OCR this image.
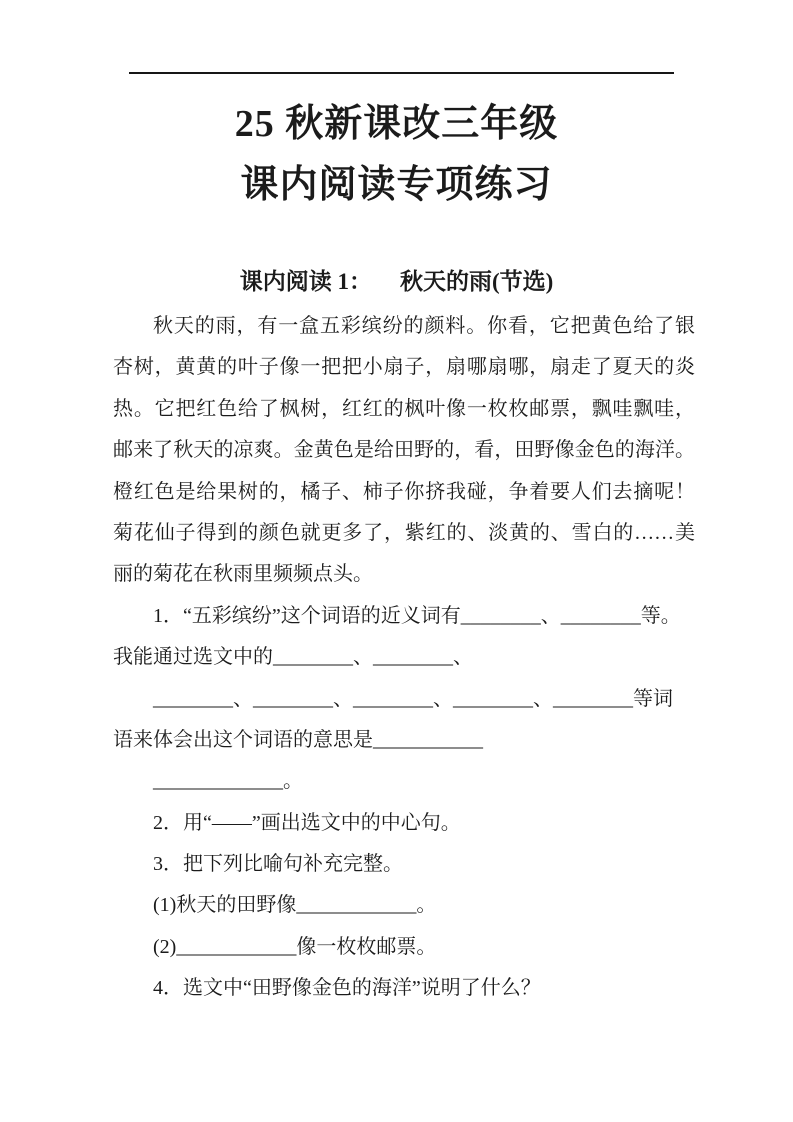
25 秋新课改三年级
课内阅读专项练习
课内阅读 1： 秋天的雨(节选)
秋天的雨，有一盒五彩缤纷的颜料。你看，它把黄色给了银
杏树，黄黄的叶子像一把把小扇子，扇哪扇哪，扇走了夏天的炎
热。它把红色给了枫树，红红的枫叶像一枚枚邮票，飘哇飘哇，
邮来了秋天的凉爽。金黄色是给田野的，看，田野像金色的海洋。
橙红色是给果树的，橘子、柿子你挤我碰，争着要人们去摘呢！
菊花仙子得到的颜色就更多了，紫红的、淡黄的、雪白的……美
丽的菊花在秋雨里频频点头。
1．“五彩缤纷”这个词语的近义词有________、________等。
我能通过选文中的________、________、
________、________、________、________、________等词
语来体会出这个词语的意思是___________
_____________。
2．用“——”画出选文中的中心句。
3．把下列比喻句补充完整。
(1)秋天的田野像____________。
(2)____________像一枚枚邮票。
4．选文中“田野像金色的海洋”说明了什么？
